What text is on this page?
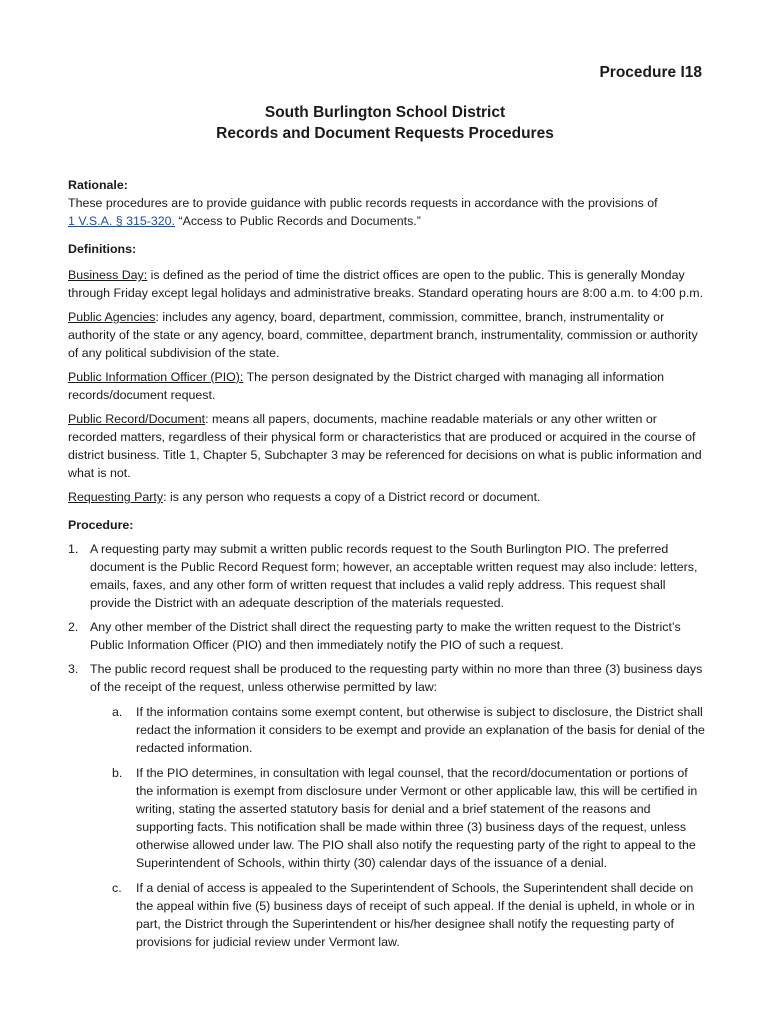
Procedure I18
South Burlington School District
Records and Document Requests Procedures

Rationale:

These procedures are to provide guidance with public records requests in accordance with the provisions of
1 V.S.A. § 315-320. “Access to Public Records and Documents.”

Definitions:

Business Day: is defined as the period of time the district offices are open to the public. This is generally Monday through Friday except legal holidays and administrative breaks. Standard operating hours are 8:00 a.m. to 4:00 p.m.

Public Agencies: includes any agency, board, department, commission, committee, branch, instrumentality or authority of the state or any agency, board, committee, department branch, instrumentality, commission or authority of any political subdivision of the state.

Public Information Officer (PIO): The person designated by the District charged with managing all information records/document request.

Public Record/Document: means all papers, documents, machine readable materials or any other written or recorded matters, regardless of their physical form or characteristics that are produced or acquired in the course of district business. Title 1, Chapter 5, Subchapter 3 may be referenced for decisions on what is public information and what is not.

Requesting Party: is any person who requests a copy of a District record or document.

Procedure:

1. A requesting party may submit a written public records request to the South Burlington PIO. The preferred document is the Public Record Request form; however, an acceptable written request may also include: letters, emails, faxes, and any other form of written request that includes a valid reply address. This request shall provide the District with an adequate description of the materials requested.
2. Any other member of the District shall direct the requesting party to make the written request to the District’s Public Information Officer (PIO) and then immediately notify the PIO of such a request.
3. The public record request shall be produced to the requesting party within no more than three (3) business days of the receipt of the request, unless otherwise permitted by law:
a.	If the information contains some exempt content, but otherwise is subject to disclosure, the District shall redact the information it considers to be exempt and provide an explanation of the basis for denial of the redacted information.
b.	If the PIO determines, in consultation with legal counsel, that the record/documentation or portions of the information is exempt from disclosure under Vermont or other applicable law, this will be certified in writing, stating the asserted statutory basis for denial and a brief statement of the reasons and supporting facts. This notification shall be made within three (3) business days of the request, unless otherwise allowed under law. The PIO shall also notify the requesting party of the right to appeal to the Superintendent of Schools, within thirty (30) calendar days of the issuance of a denial.
c.	If a denial of access is appealed to the Superintendent of Schools, the Superintendent shall decide on the appeal within five (5) business days of receipt of such appeal. If the denial is upheld, in whole or in part, the District through the Superintendent or his/her designee shall notify the requesting party of provisions for judicial review under Vermont law.
